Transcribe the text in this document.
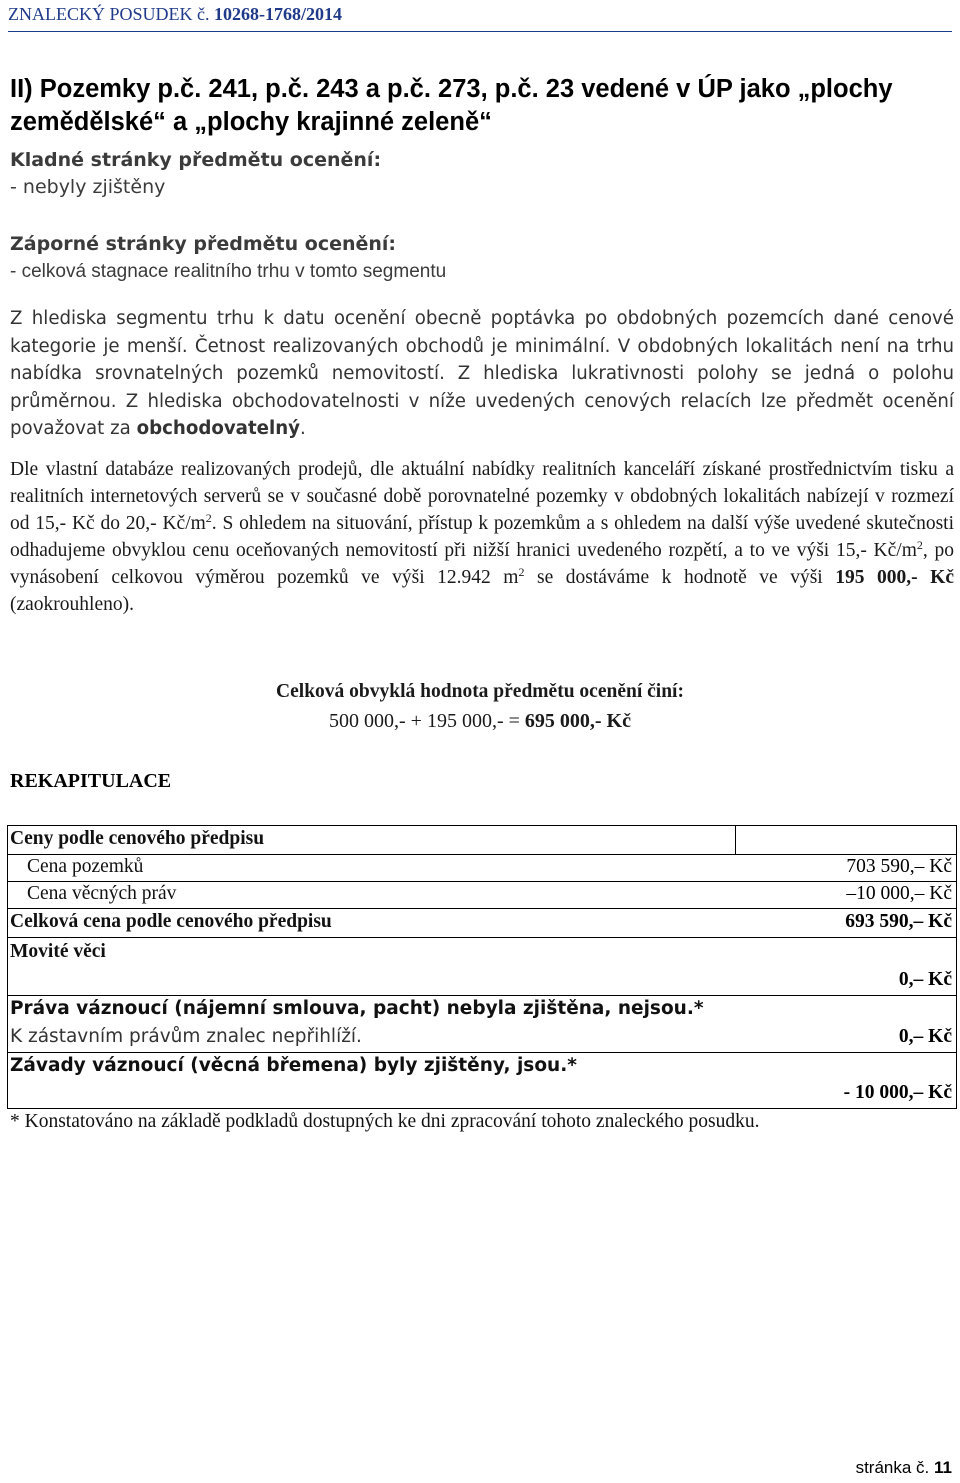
ZNALECKÝ POSUDEK č. 10268-1768/2014
II) Pozemky p.č. 241, p.č. 243 a p.č. 273, p.č. 23 vedené v ÚP jako „plochy zemědělské“ a „plochy krajinné zeleně“
Kladné stránky předmětu ocenění:
- nebyly zjištěny
Záporné stránky předmětu ocenění:
- celková stagnace realitního trhu v tomto segmentu
Z hlediska segmentu trhu k datu ocenění obecně poptávka po obdobných pozemcích dané cenové kategorie je menší. Četnost realizovaných obchodů je minimální. V obdobných lokalitách není na trhu nabídka srovnatelných pozemků nemovitostí. Z hlediska lukrativnosti polohy se jedná o polohu průměrnou. Z hlediska obchodovatelnosti v níže uvedených cenových relacích lze předmět ocenění považovat za obchodovatelný.
Dle vlastní databáze realizovaných prodejů, dle aktuální nabídky realitních kanceláří získané prostřednictvím tisku a realitních internetových serverů se v současné době porovnatelné pozemky v obdobných lokalitách nabízejí v rozmezí od 15,- Kč do 20,- $Kč/m^2$. S ohledem na situování, přístup k pozemkům a s ohledem na další výše uvedené skutečnosti odhadujeme obvyklou cenu oceňovaných nemovitostí při nižší hranici uvedeného rozpětí, a to ve výši 15,- $Kč/m^2$, po vynásobení celkovou výměrou pozemků ve výši 12.942 $m^2$ se dostáváme k hodnotě ve výši 195 000,- Kč (zaokrouhleno).
Celková obvyklá hodnota předmětu ocenění činí:
500 000,- + 195 000,- = 695 000,- Kč
REKAPITULACE
Ceny podle cenového předpisu
Cena pozemků	703 590,– Kč
Cena věcných práv	–10 000,– Kč
Celková cena podle cenového předpisu	693 590,– Kč
Movité věci
0,– Kč
Práva váznoucí (nájemní smlouva, pacht) nebyla zjištěna, nejsou.*
K zástavním právům znalec nepřihlíží.	0,– Kč
Závady váznoucí (věcná břemena) byly zjištěny, jsou.*
- 10 000,– Kč
* Konstatováno na základě podkladů dostupných ke dni zpracování tohoto znaleckého posudku.
stránka č. 11
